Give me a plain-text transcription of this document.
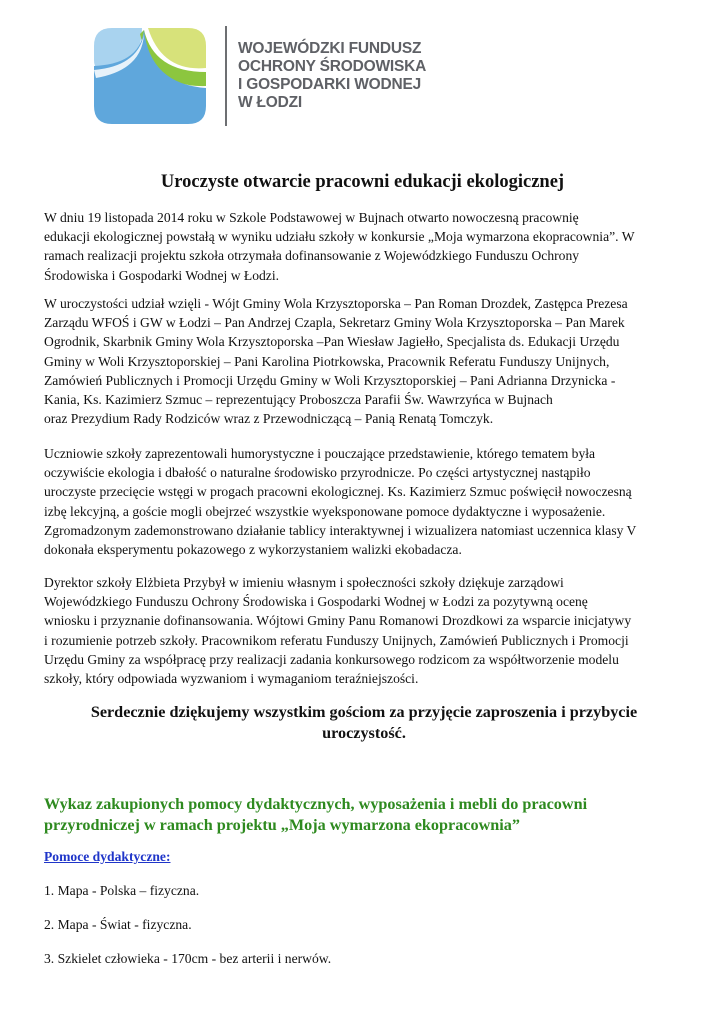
WOJEWÓDZKI FUNDUSZ
OCHRONY ŚRODOWISKA
I GOSPODARKI WODNEJ
W ŁODZI
Uroczyste otwarcie pracowni edukacji ekologicznej
W dniu 19 listopada 2014 roku w Szkole Podstawowej w Bujnach otwarto nowoczesną pracownię
edukacji ekologicznej powstałą w wyniku udziału szkoły w konkursie „Moja wymarzona ekopracownia”. W
ramach realizacji projektu szkoła otrzymała dofinansowanie z Wojewódzkiego Funduszu Ochrony
Środowiska i Gospodarki Wodnej w Łodzi.
W uroczystości udział wzięli - Wójt Gminy Wola Krzysztoporska – Pan Roman Drozdek, Zastępca Prezesa
Zarządu WFOŚ i GW w Łodzi – Pan Andrzej Czapla, Sekretarz Gminy Wola Krzysztoporska – Pan Marek
Ogrodnik, Skarbnik Gminy Wola Krzysztoporska –Pan Wiesław Jagiełło, Specjalista ds. Edukacji Urzędu
Gminy w Woli Krzysztoporskiej – Pani Karolina Piotrkowska, Pracownik Referatu Funduszy Unijnych,
Zamówień Publicznych i Promocji Urzędu Gminy w Woli Krzysztoporskiej – Pani Adrianna Drzynicka -
Kania, Ks. Kazimierz Szmuc – reprezentujący Proboszcza Parafii Św. Wawrzyńca w Bujnach
oraz Prezydium Rady Rodziców wraz z Przewodniczącą – Panią Renatą Tomczyk.
Uczniowie szkoły zaprezentowali humorystyczne i pouczające przedstawienie, którego tematem była
oczywiście ekologia i dbałość o naturalne środowisko przyrodnicze. Po części artystycznej nastąpiło
uroczyste przecięcie wstęgi w progach pracowni ekologicznej. Ks. Kazimierz Szmuc poświęcił nowoczesną
izbę lekcyjną, a goście mogli obejrzeć wszystkie wyeksponowane pomoce dydaktyczne i wyposażenie.
Zgromadzonym zademonstrowano działanie tablicy interaktywnej i wizualizera natomiast uczennica klasy V
dokonała eksperymentu pokazowego z wykorzystaniem walizki ekobadacza.
Dyrektor szkoły Elżbieta Przybył w imieniu własnym i społeczności szkoły dziękuje zarządowi
Wojewódzkiego Funduszu Ochrony Środowiska i Gospodarki Wodnej w Łodzi za pozytywną ocenę
wniosku i przyznanie dofinansowania. Wójtowi Gminy Panu Romanowi Drozdkowi za wsparcie inicjatywy
i rozumienie potrzeb szkoły. Pracownikom referatu Funduszy Unijnych, Zamówień Publicznych i Promocji
Urzędu Gminy za współpracę przy realizacji zadania konkursowego rodzicom za współtworzenie modelu
szkoły, który odpowiada wyzwaniom i wymaganiom teraźniejszości.
Serdecznie dziękujemy wszystkim gościom za przyjęcie zaproszenia i przybycie
uroczystość.
Wykaz zakupionych pomocy dydaktycznych, wyposażenia i mebli do pracowni
przyrodniczej w ramach projektu „Moja wymarzona ekopracownia”
Pomoce dydaktyczne:
1. Mapa - Polska – fizyczna.
2. Mapa - Świat - fizyczna.
3. Szkielet człowieka - 170cm - bez arterii i nerwów.
